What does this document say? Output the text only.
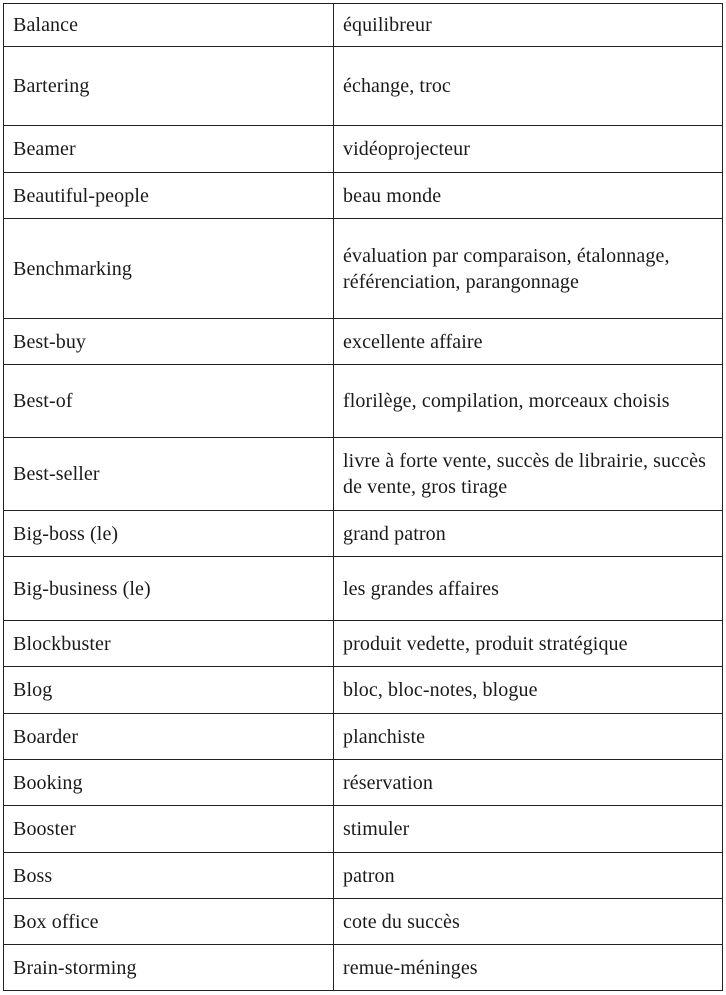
Balance	équilibreur
Bartering	échange, troc
Beamer	vidéoprojecteur
Beautiful-people	beau monde
Benchmarking	évaluation par comparaison, étalonnage, référenciation, parangonnage
Best-buy	excellente affaire
Best-of	florilège, compilation, morceaux choisis
Best-seller	livre à forte vente, succès de librairie, succès de vente, gros tirage
Big-boss (le)	grand patron
Big-business (le)	les grandes affaires
Blockbuster	produit vedette, produit stratégique
Blog	bloc, bloc-notes, blogue
Boarder	planchiste
Booking	réservation
Booster	stimuler
Boss	patron
Box office	cote du succès
Brain-storming	remue-méninges
